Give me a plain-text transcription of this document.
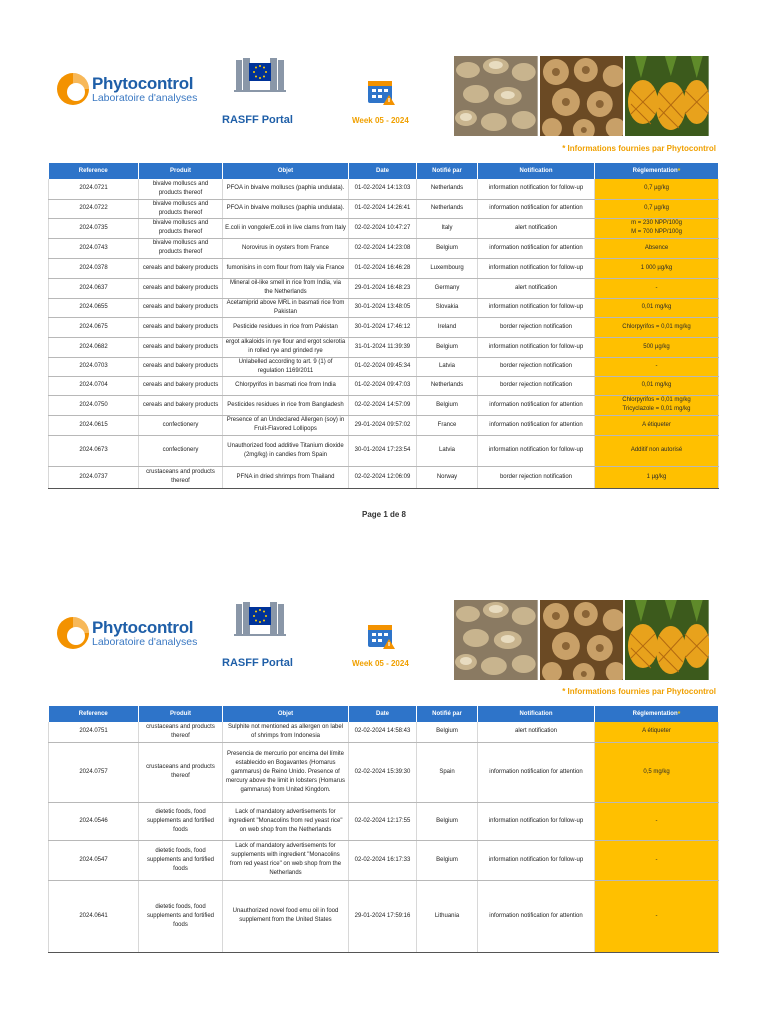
Phytocontrol
Laboratoire d'analyses
RASFF Portal	Week 05 - 2024
* Informations fournies par Phytocontrol
Reference	Produit	Objet	Date	Notifié par	Notification	Réglementation*
2024.0721	bivalve molluscs and products thereof	PFOA in bivalve molluscs (paphia undulata).	01-02-2024 14:13:03	Netherlands	information notification for follow-up	0,7 µg/kg
2024.0722	bivalve molluscs and products thereof	PFOA in bivalve molluscs (paphia undulata).	01-02-2024 14:26:41	Netherlands	information notification for attention	0,7 µg/kg
2024.0735	bivalve molluscs and products thereof	E.coli in vongole/E.coli in live clams from Italy	02-02-2024 10:47:27	Italy	alert notification	m = 230 NPP/100g
M = 700 NPP/100g
2024.0743	bivalve molluscs and products thereof	Norovirus in oysters from France	02-02-2024 14:23:08	Belgium	information notification for attention	Absence
2024.0378	cereals and bakery products	fumonisins in corn flour from Italy via France	01-02-2024 16:46:28	Luxembourg	information notification for follow-up	1 000 µg/kg
2024.0637	cereals and bakery products	Mineral oil-like smell in rice from India, via the Netherlands	29-01-2024 16:48:23	Germany	alert notification	-
2024.0655	cereals and bakery products	Acetamiprid above MRL in basmati rice from Pakistan	30-01-2024 13:48:05	Slovakia	information notification for follow-up	0,01 mg/kg
2024.0675	cereals and bakery products	Pesticide residues in rice from Pakistan	30-01-2024 17:46:12	Ireland	border rejection notification	Chlorpyrifos = 0,01 mg/kg
2024.0682	cereals and bakery products	ergot alkaloids in rye flour and ergot sclerotia in rolled rye and grinded rye	31-01-2024 11:39:39	Belgium	information notification for follow-up	500 µg/kg
2024.0703	cereals and bakery products	Unlabelled according to art. 9 (1) of regulation 1169/2011	01-02-2024 09:45:34	Latvia	border rejection notification	-
2024.0704	cereals and bakery products	Chlorpyrifos in basmati rice from India	01-02-2024 09:47:03	Netherlands	border rejection notification	0,01 mg/kg
2024.0750	cereals and bakery products	Pesticides residues in rice from Bangladesh	02-02-2024 14:57:09	Belgium	information notification for attention	Chlorpyrifos = 0,01 mg/kg
Tricyclazole = 0,01 mg/kg
2024.0615	confectionery	Presence of an Undeclared Allergen (soy) in Fruit-Flavored Lollipops	29-01-2024 09:57:02	France	information notification for attention	A étiqueter
2024.0673	confectionery	Unauthorized food additive Titanium dioxide (2mg/kg) in candies from Spain	30-01-2024 17:23:54	Latvia	information notification for follow-up	Additif non autorisé
2024.0737	crustaceans and products thereof	PFNA in dried shrimps from Thailand	02-02-2024 12:06:09	Norway	border rejection notification	1 µg/kg
Page 1 de 8
Phytocontrol
Laboratoire d'analyses
RASFF Portal	Week 05 - 2024
* Informations fournies par Phytocontrol
Reference	Produit	Objet	Date	Notifié par	Notification	Réglementation*
2024.0751	crustaceans and products thereof	Sulphite not mentioned as allergen on label of shrimps from Indonesia	02-02-2024 14:58:43	Belgium	alert notification	A étiqueter
2024.0757	crustaceans and products thereof	Presencia de mercurio por encima del límite establecido en Bogavantes (Homarus gammarus) de Reino Unido. Presence of mercury above the limit in lobsters (Homarus gammarus) from United Kingdom.	02-02-2024 15:39:30	Spain	information notification for attention	0,5 mg/kg
2024.0546	dietetic foods, food supplements and fortified foods	Lack of mandatory advertisements for ingredient "Monacolins from red yeast rice" on web shop from the Netherlands	02-02-2024 12:17:55	Belgium	information notification for follow-up	-
2024.0547	dietetic foods, food supplements and fortified foods	Lack of mandatory advertisements for supplements with ingredient "Monacolins from red yeast rice" on web shop from the Netherlands	02-02-2024 16:17:33	Belgium	information notification for follow-up	-
2024.0641	dietetic foods, food supplements and fortified foods	Unauthorized novel food emu oil in food supplement from the United States	29-01-2024 17:59:16	Lithuania	information notification for attention	-
